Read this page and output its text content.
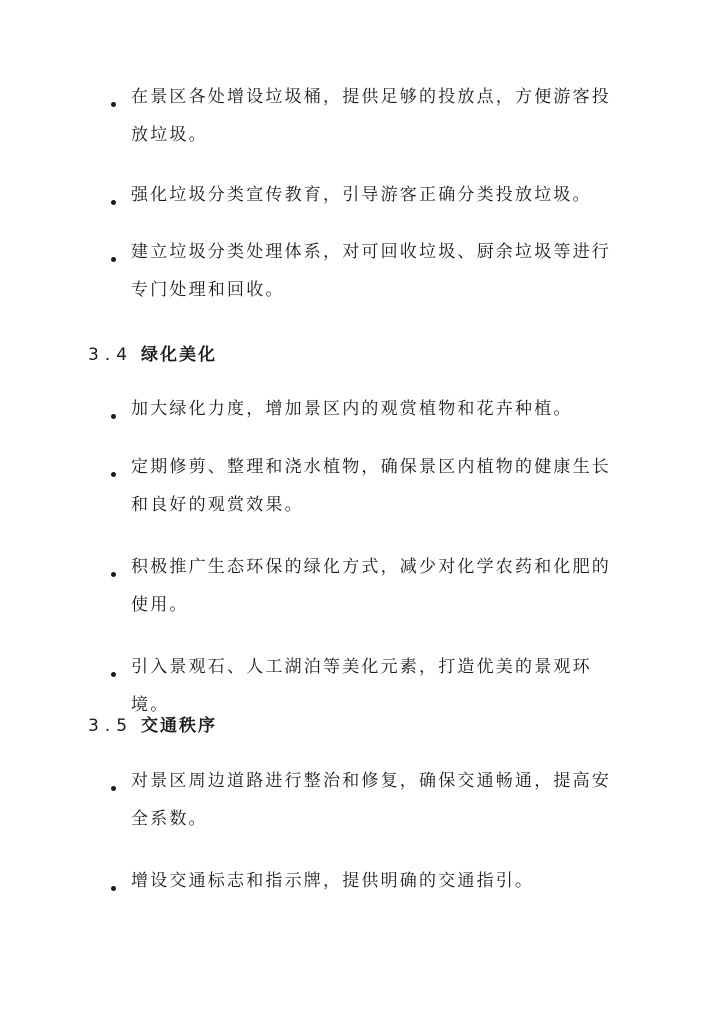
在景区各处增设垃圾桶，提供足够的投放点，方便游客投放垃圾。
强化垃圾分类宣传教育，引导游客正确分类投放垃圾。
建立垃圾分类处理体系，对可回收垃圾、厨余垃圾等进行专门处理和回收。
3.4 绿化美化
加大绿化力度，增加景区内的观赏植物和花卉种植。
定期修剪、整理和浇水植物，确保景区内植物的健康生长和良好的观赏效果。
积极推广生态环保的绿化方式，减少对化学农药和化肥的使用。
引入景观石、人工湖泊等美化元素，打造优美的景观环境。
3.5 交通秩序
对景区周边道路进行整治和修复，确保交通畅通，提高安全系数。
增设交通标志和指示牌，提供明确的交通指引。
